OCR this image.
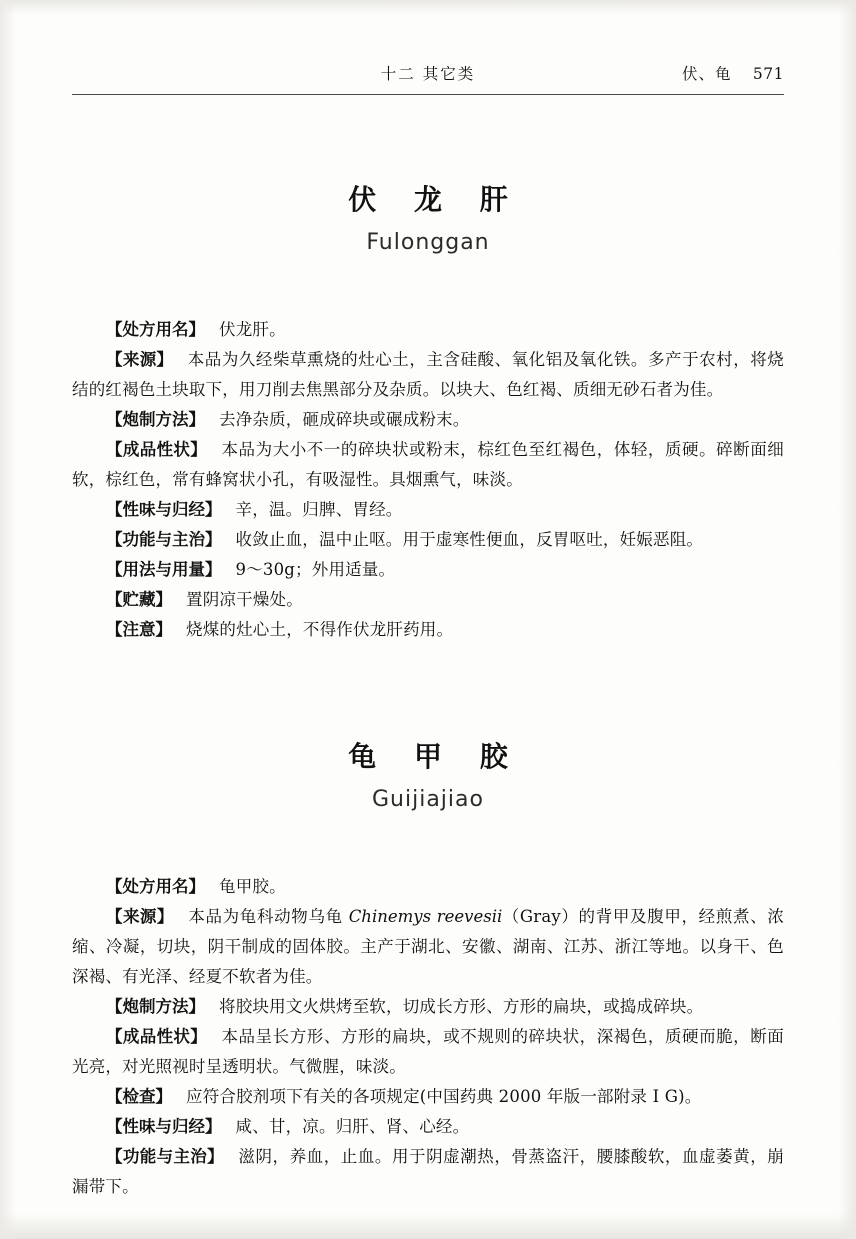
十二 其它类	伏、龟 571
伏 龙 肝
Fulonggan
【处方用名】 伏龙肝。
【来源】 本品为久经柴草熏烧的灶心土，主含硅酸、氧化铝及氧化铁。多产于农村，将烧结的红褐色土块取下，用刀削去焦黑部分及杂质。以块大、色红褐、质细无砂石者为佳。
【炮制方法】 去净杂质，砸成碎块或碾成粉末。
【成品性状】 本品为大小不一的碎块状或粉末，棕红色至红褐色，体轻，质硬。碎断面细软，棕红色，常有蜂窝状小孔，有吸湿性。具烟熏气，味淡。
【性味与归经】 辛，温。归脾、胃经。
【功能与主治】 收敛止血，温中止呕。用于虚寒性便血，反胃呕吐，妊娠恶阻。
【用法与用量】 9～30g；外用适量。
【贮藏】 置阴凉干燥处。
【注意】 烧煤的灶心土，不得作伏龙肝药用。
龟 甲 胶
Guijiajiao
【处方用名】 龟甲胶。
【来源】 本品为龟科动物乌龟 Chinemys reevesii（Gray）的背甲及腹甲，经煎煮、浓缩、冷凝，切块，阴干制成的固体胶。主产于湖北、安徽、湖南、江苏、浙江等地。以身干、色深褐、有光泽、经夏不软者为佳。
【炮制方法】 将胶块用文火烘烤至软，切成长方形、方形的扁块，或捣成碎块。
【成品性状】 本品呈长方形、方形的扁块，或不规则的碎块状，深褐色，质硬而脆，断面光亮，对光照视时呈透明状。气微腥，味淡。
【检查】 应符合胶剂项下有关的各项规定(中国药典 2000 年版一部附录 I G)。
【性味与归经】 咸、甘，凉。归肝、肾、心经。
【功能与主治】 滋阴，养血，止血。用于阴虚潮热，骨蒸盗汗，腰膝酸软，血虚萎黄，崩漏带下。
